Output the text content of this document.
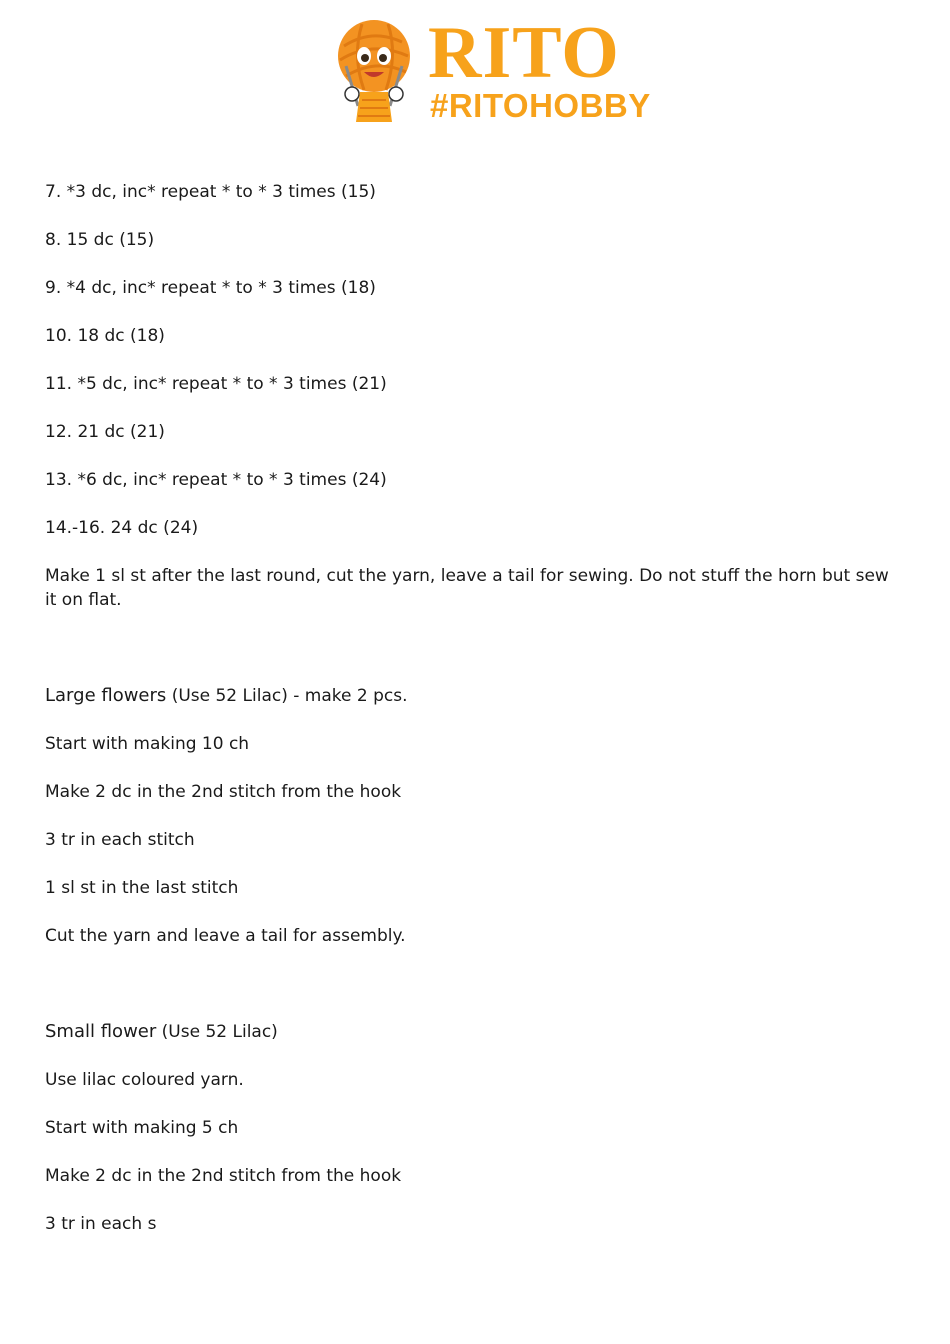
RITO
#RITOHOBBY

7. *3 dc, inc* repeat * to * 3 times (15)

8. 15 dc (15)

9. *4 dc, inc* repeat * to * 3 times (18)

10. 18 dc (18)

11. *5 dc, inc* repeat * to * 3 times (21)

12. 21 dc (21)

13. *6 dc, inc* repeat * to * 3 times (24)

14.-16. 24 dc (24)

Make 1 sl st after the last round, cut the yarn, leave a tail for sewing. Do not stuff the horn but sew it on flat.

Large flowers (Use 52 Lilac) - make 2 pcs.

Start with making 10 ch

Make 2 dc in the 2nd stitch from the hook

3 tr in each stitch

1 sl st in the last stitch

Cut the yarn and leave a tail for assembly.

Small flower (Use 52 Lilac)

Use lilac coloured yarn.

Start with making 5 ch

Make 2 dc in the 2nd stitch from the hook

3 tr in each s
